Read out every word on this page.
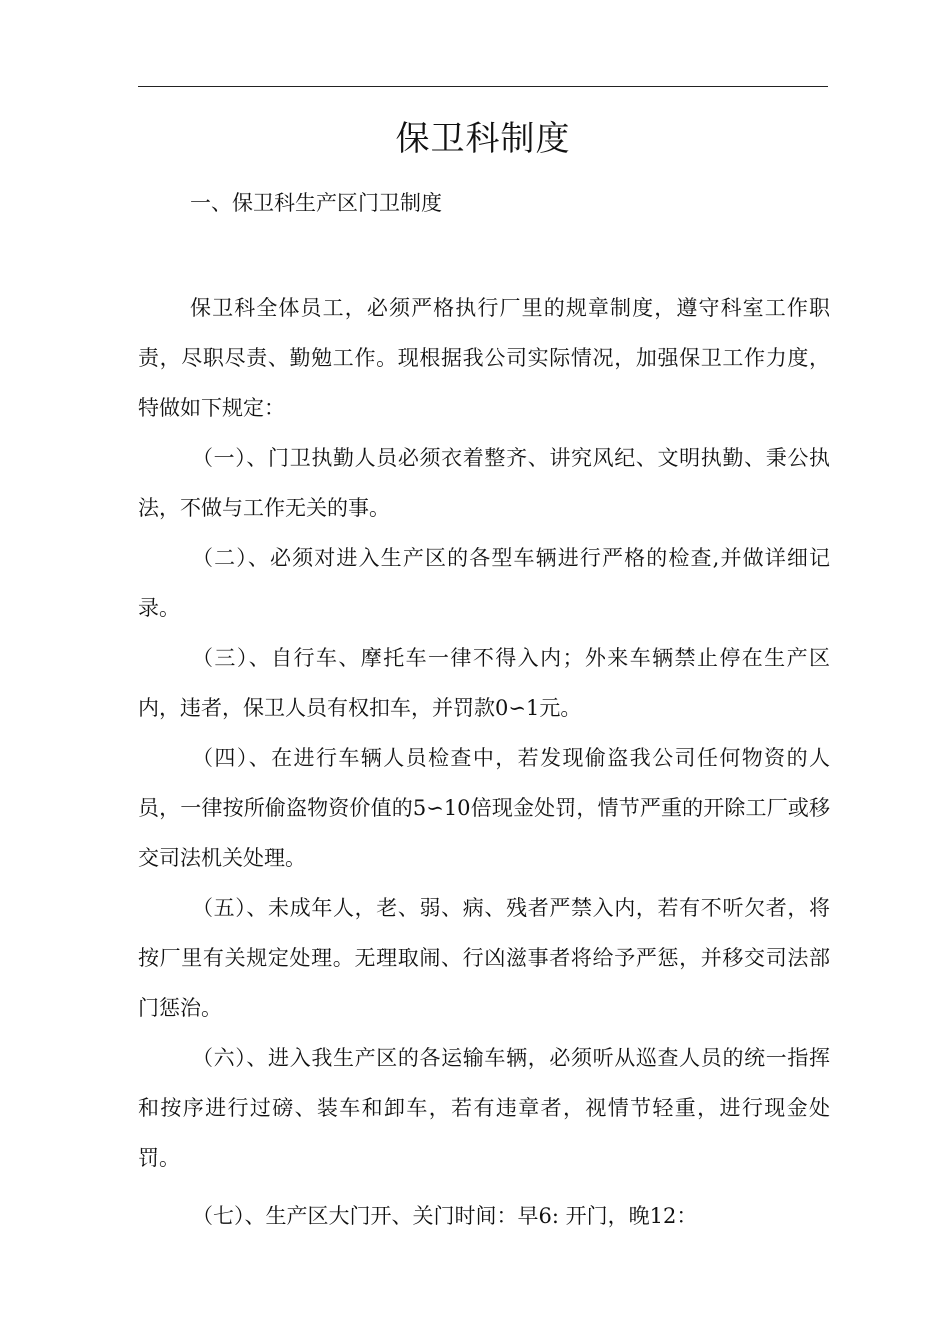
保卫科制度
一、保卫科生产区门卫制度

保卫科全体员工，必须严格执行厂里的规章制度，遵守科室工作职责，尽职尽责、勤勉工作。现根据我公司实际情况，加强保卫工作力度，特做如下规定：

（一）、门卫执勤人员必须衣着整齐、讲究风纪、文明执勤、秉公执法，不做与工作无关的事。

（二）、必须对进入生产区的各型车辆进行严格的检查,并做详细记录。

（三）、自行车、摩托车一律不得入内；外来车辆禁止停在生产区内，违者，保卫人员有权扣车，并罚款0∽1元。

（四）、在进行车辆人员检查中，若发现偷盗我公司任何物资的人员，一律按所偷盗物资价值的5∽10倍现金处罚，情节严重的开除工厂或移交司法机关处理。

（五）、未成年人，老、弱、病、残者严禁入内，若有不听欠者，将按厂里有关规定处理。无理取闹、行凶滋事者将给予严惩，并移交司法部门惩治。

（六）、进入我生产区的各运输车辆，必须听从巡查人员的统一指挥和按序进行过磅、装车和卸车，若有违章者，视情节轻重，进行现金处罚。

（七）、生产区大门开、关门时间：早6: 开门，晚12：
